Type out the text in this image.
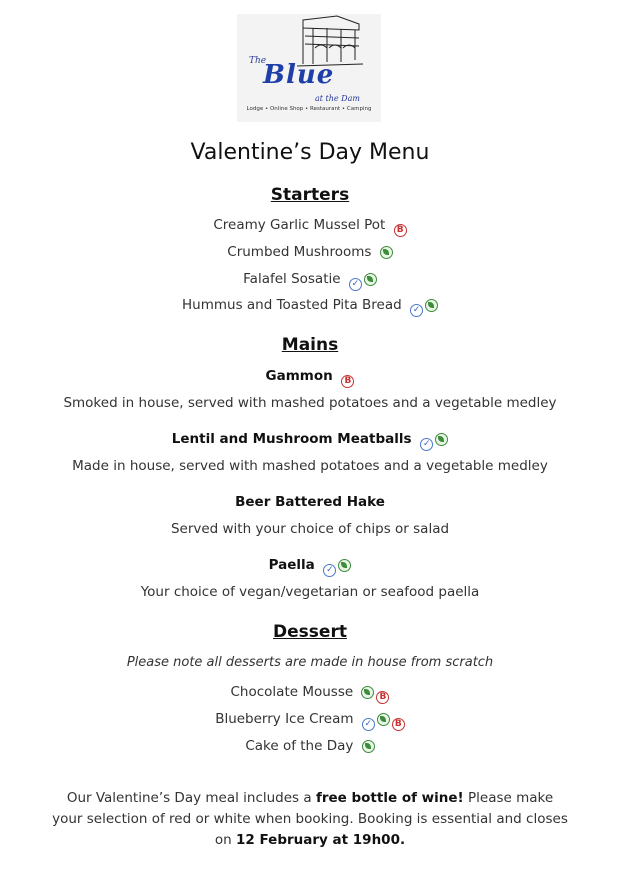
The
Blue
at the Dam
Lodge • Online Shop • Restaurant • Camping
Valentine’s Day Menu
Starters
Creamy Garlic Mussel Pot B
Crumbed Mushrooms
Falafel Sosatie ✓
Hummus and Toasted Pita Bread ✓
Mains
Gammon B
Smoked in house, served with mashed potatoes and a vegetable medley
Lentil and Mushroom Meatballs ✓
Made in house, served with mashed potatoes and a vegetable medley
Beer Battered Hake
Served with your choice of chips or salad
Paella ✓
Your choice of vegan/vegetarian or seafood paella
Dessert
Please note all desserts are made in house from scratch
Chocolate Mousse	B
Blueberry Ice Cream ✓	B
Cake of the Day
Our Valentine’s Day meal includes a free bottle of wine! Please make your selection of red or white when booking. Booking is essential and closes on 12 February at 19h00.
